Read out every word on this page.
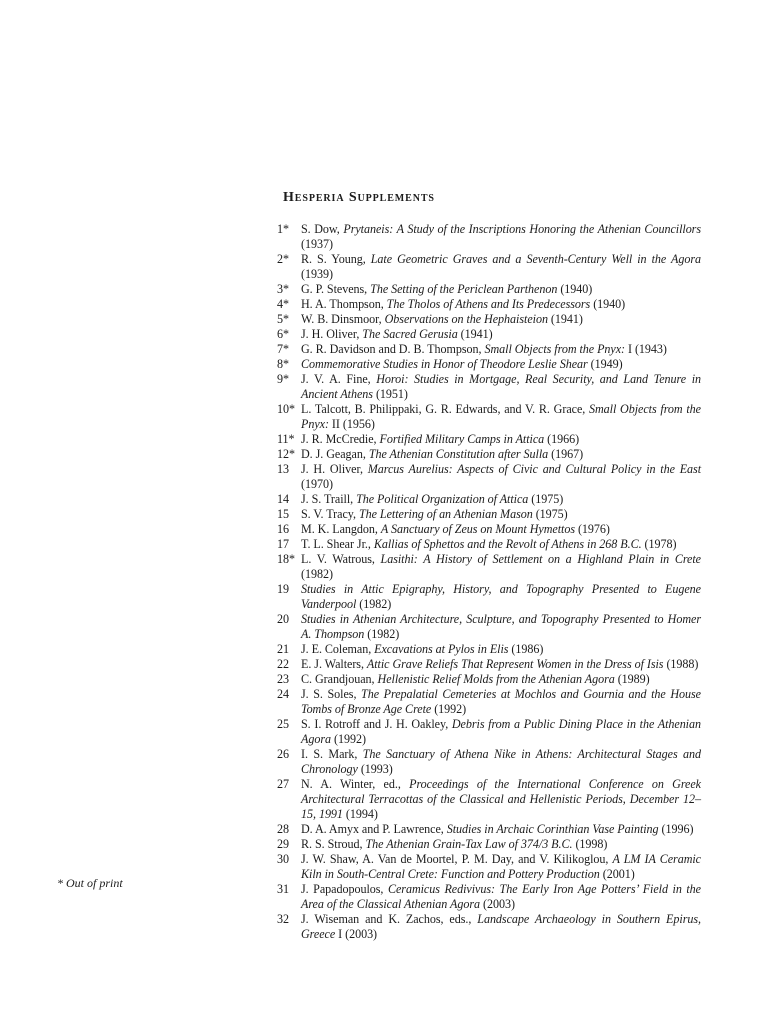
Hesperia Supplements
1* S. Dow, Prytaneis: A Study of the Inscriptions Honoring the Athenian Councillors (1937)
2* R. S. Young, Late Geometric Graves and a Seventh-Century Well in the Agora (1939)
3* G. P. Stevens, The Setting of the Periclean Parthenon (1940)
4* H. A. Thompson, The Tholos of Athens and Its Predecessors (1940)
5* W. B. Dinsmoor, Observations on the Hephaisteion (1941)
6* J. H. Oliver, The Sacred Gerusia (1941)
7* G. R. Davidson and D. B. Thompson, Small Objects from the Pnyx: I (1943)
8* Commemorative Studies in Honor of Theodore Leslie Shear (1949)
9* J. V. A. Fine, Horoi: Studies in Mortgage, Real Security, and Land Tenure in Ancient Athens (1951)
10* L. Talcott, B. Philippaki, G. R. Edwards, and V. R. Grace, Small Objects from the Pnyx: II (1956)
11* J. R. McCredie, Fortified Military Camps in Attica (1966)
12* D. J. Geagan, The Athenian Constitution after Sulla (1967)
13 J. H. Oliver, Marcus Aurelius: Aspects of Civic and Cultural Policy in the East (1970)
14 J. S. Traill, The Political Organization of Attica (1975)
15 S. V. Tracy, The Lettering of an Athenian Mason (1975)
16 M. K. Langdon, A Sanctuary of Zeus on Mount Hymettos (1976)
17 T. L. Shear Jr., Kallias of Sphettos and the Revolt of Athens in 268 B.C. (1978)
18* L. V. Watrous, Lasithi: A History of Settlement on a Highland Plain in Crete (1982)
19 Studies in Attic Epigraphy, History, and Topography Presented to Eugene Vanderpool (1982)
20 Studies in Athenian Architecture, Sculpture, and Topography Presented to Homer A. Thompson (1982)
21 J. E. Coleman, Excavations at Pylos in Elis (1986)
22 E. J. Walters, Attic Grave Reliefs That Represent Women in the Dress of Isis (1988)
23 C. Grandjouan, Hellenistic Relief Molds from the Athenian Agora (1989)
24 J. S. Soles, The Prepalatial Cemeteries at Mochlos and Gournia and the House Tombs of Bronze Age Crete (1992)
25 S. I. Rotroff and J. H. Oakley, Debris from a Public Dining Place in the Athenian Agora (1992)
26 I. S. Mark, The Sanctuary of Athena Nike in Athens: Architectural Stages and Chronology (1993)
27 N. A. Winter, ed., Proceedings of the International Conference on Greek Architectural Terracottas of the Classical and Hellenistic Periods, December 12–15, 1991 (1994)
28 D. A. Amyx and P. Lawrence, Studies in Archaic Corinthian Vase Painting (1996)
29 R. S. Stroud, The Athenian Grain-Tax Law of 374/3 B.C. (1998)
30 J. W. Shaw, A. Van de Moortel, P. M. Day, and V. Kilikoglou, A LM IA Ceramic Kiln in South-Central Crete: Function and Pottery Production (2001)
31 J. Papadopoulos, Ceramicus Redivivus: The Early Iron Age Potters’ Field in the Area of the Classical Athenian Agora (2003)
32 J. Wiseman and K. Zachos, eds., Landscape Archaeology in Southern Epirus, Greece I (2003)
* Out of print
